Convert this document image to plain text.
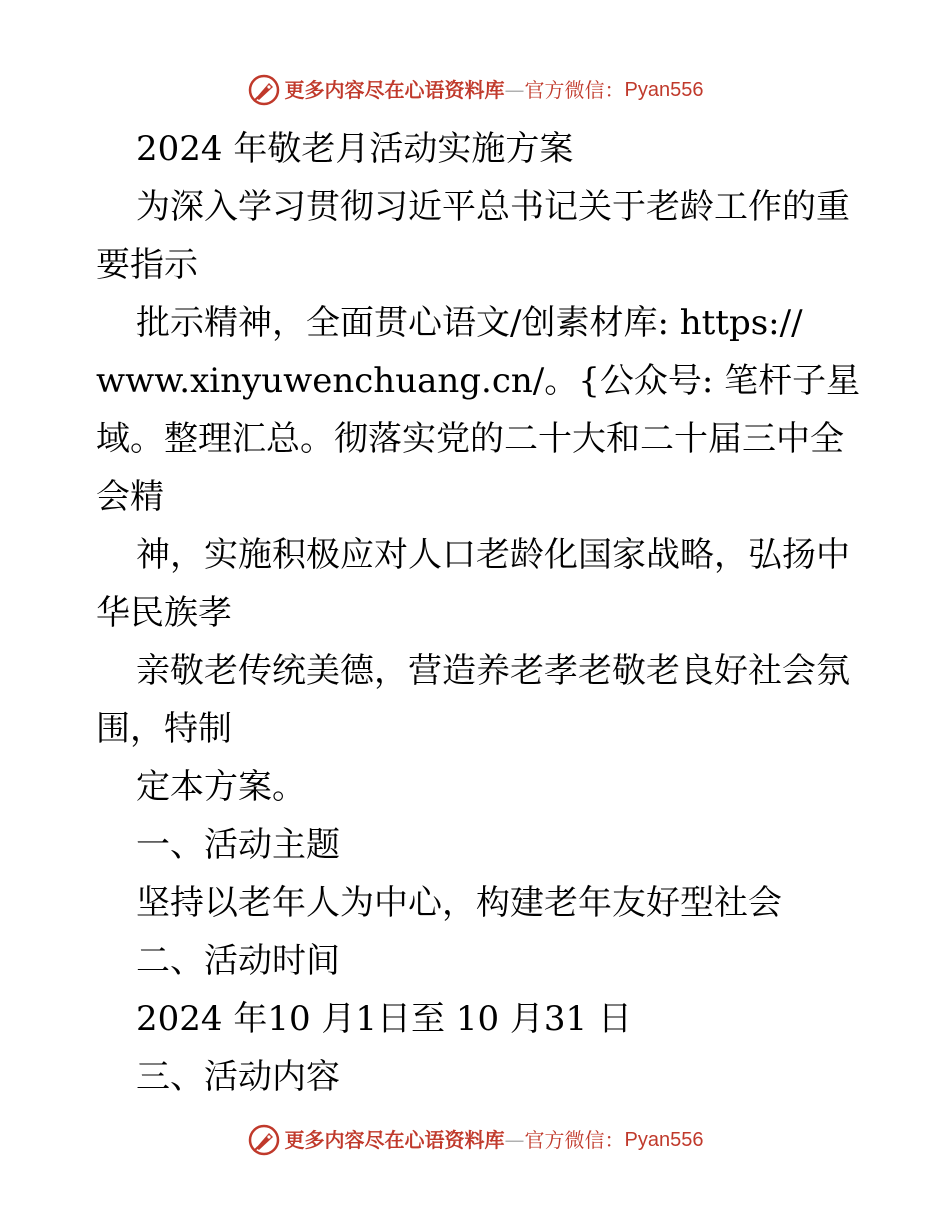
更多内容尽在心语资料库 — 官方微信： Pyan556
2024 年敬老月活动实施方案
为深入学习贯彻习近平总书记关于老龄工作的重
要指示
批示精神，全面贯心语文/创素材库: https://
www.xinyuwenchuang.cn/。{公众号: 笔杆子星
域。整理汇总。彻落实党的二十大和二十届三中全
会精
神，实施积极应对人口老龄化国家战略，弘扬中
华民族孝
亲敬老传统美德，营造养老孝老敬老良好社会氛
围，特制
定本方案。
一、活动主题
坚持以老年人为中心，构建老年友好型社会
二、活动时间
2024 年10 月1日至 10 月31 日
三、活动内容
更多内容尽在心语资料库 — 官方微信： Pyan556
